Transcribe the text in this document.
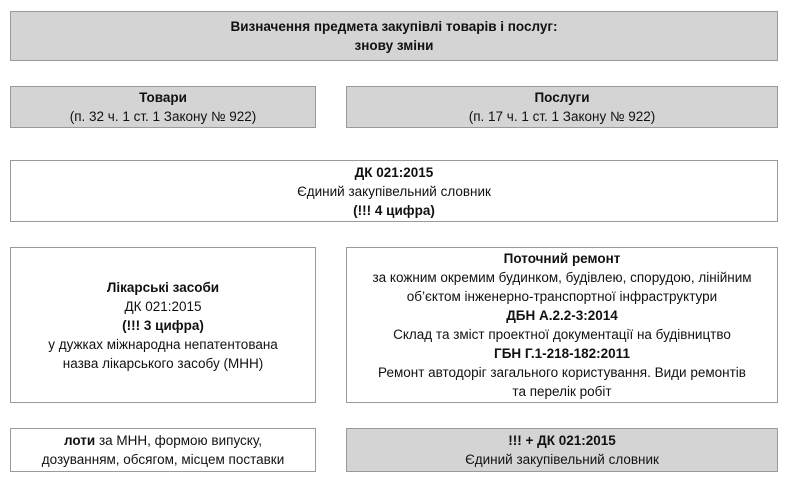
Визначення предмета закупівлі товарів і послуг:
знову зміни
Товари
(п. 32 ч. 1 ст. 1 Закону № 922)
Послуги
(п. 17 ч. 1 ст. 1 Закону № 922)
ДК 021:2015
Єдиний закупівельний словник
(!!! 4 цифра)
Лікарські засоби
ДК 021:2015
(!!! 3 цифра)
у дужках міжнародна непатентована
назва лікарського засобу (МНН)
Поточний ремонт
за кожним окремим будинком, будівлею, спорудою, лінійним
об’єктом інженерно-транспортної інфраструктури
ДБН А.2.2-3:2014
Склад та зміст проектної документації на будівництво
ГБН Г.1-218-182:2011
Ремонт автодоріг загального користування. Види ремонтів
та перелік робіт
лоти за МНН, формою випуску,
дозуванням, обсягом, місцем поставки
!!! + ДК 021:2015
Єдиний закупівельний словник
